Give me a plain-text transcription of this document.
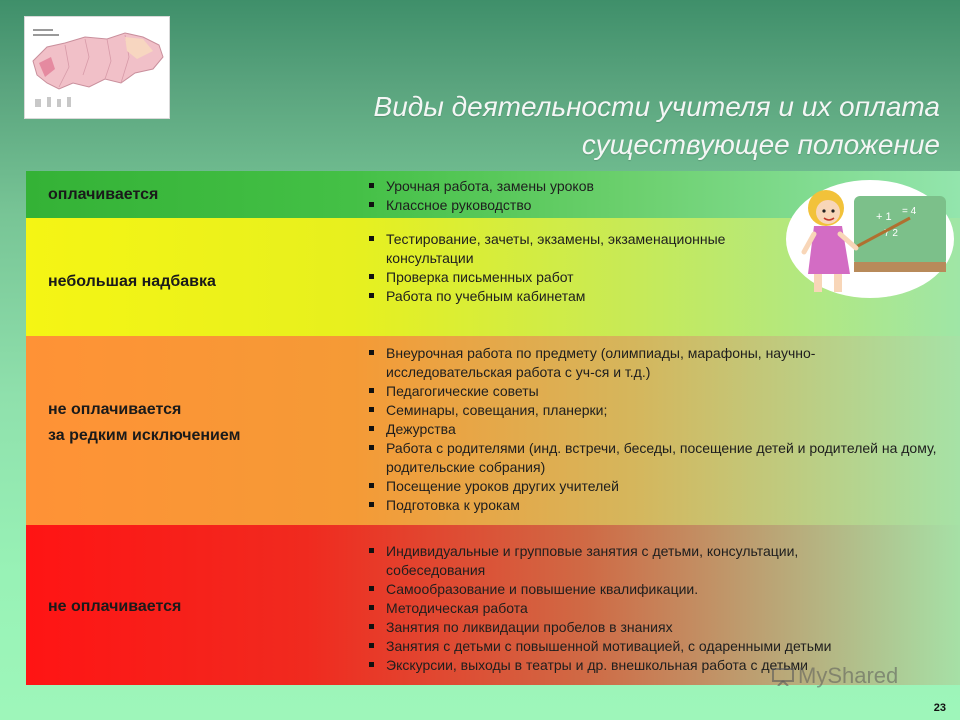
Виды деятельности учителя и их оплата
существующее положение
оплачивается	Урочная работа, замены уроков
Классное руководство
небольшая надбавка
Тестирование, зачеты, экзамены, экзаменационные консультации
Проверка письменных работ
Работа по учебным кабинетам
не оплачивается
за редким исключением
Внеурочная работа по предмету (олимпиады, марафоны, научно-исследовательская работа с уч-ся и т.д.)
Педагогические советы
Семинары, совещания, планерки;
Дежурства
Работа с родителями (инд. встречи, беседы, посещение детей и родителей на дому, родительские собрания)
Посещение уроков других учителей
Подготовка к урокам
не оплачивается
Индивидуальные и групповые занятия с детьми, консультации, собеседования
Самообразование и повышение квалификации.
Методическая работа
Занятия по ликвидации пробелов в знаниях
Занятия с детьми с повышенной мотивацией, с одаренными детьми
Экскурсии, выходы в театры и др. внешкольная работа с детьми
+ 1 = 4
7 2
MyShared
23
